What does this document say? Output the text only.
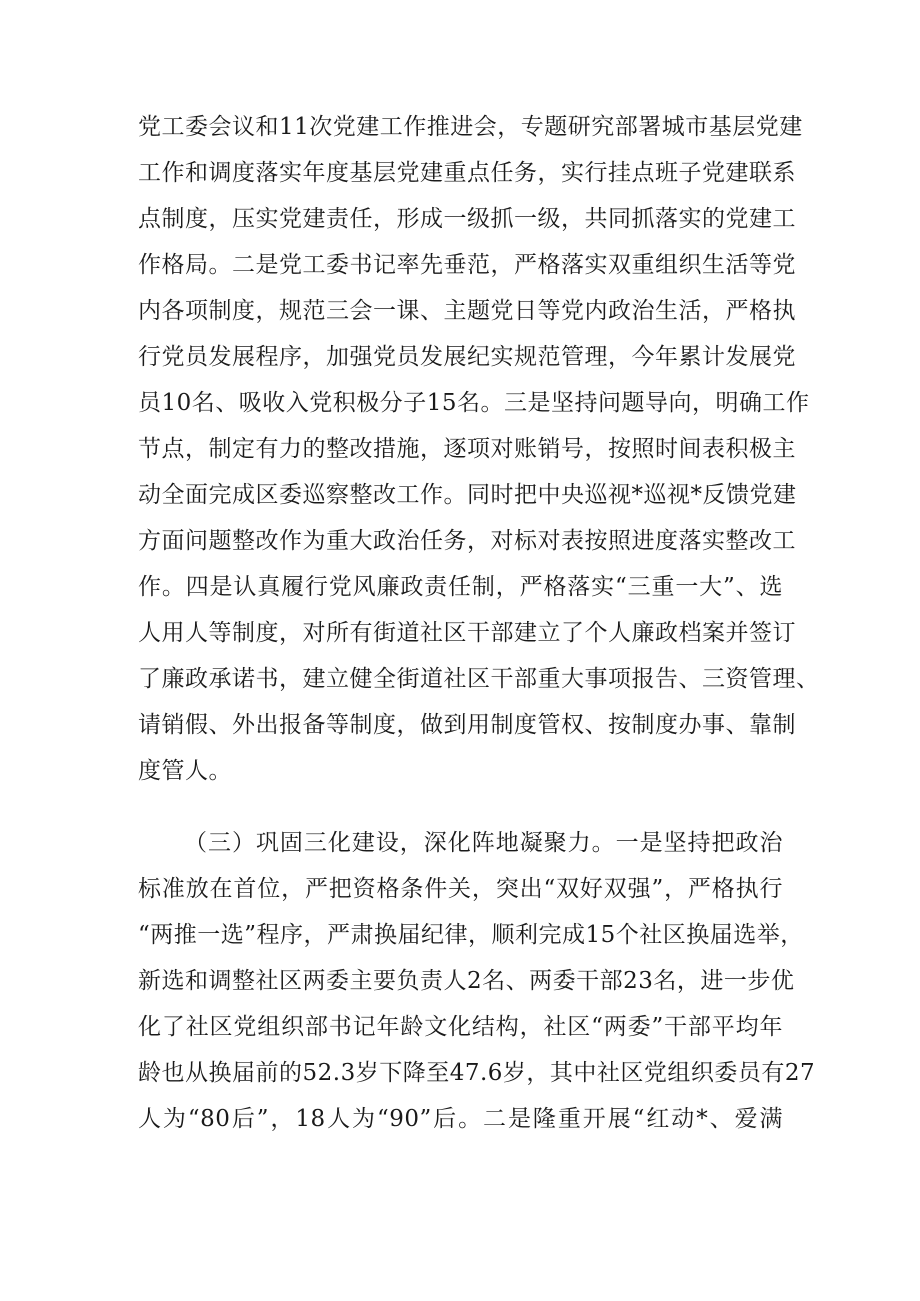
党工委会议和11次党建工作推进会，专题研究部署城市基层党建
工作和调度落实年度基层党建重点任务，实行挂点班子党建联系
点制度，压实党建责任，形成一级抓一级，共同抓落实的党建工
作格局。二是党工委书记率先垂范，严格落实双重组织生活等党
内各项制度，规范三会一课、主题党日等党内政治生活，严格执
行党员发展程序，加强党员发展纪实规范管理，今年累计发展党
员10名、吸收入党积极分子15名。三是坚持问题导向，明确工作
节点，制定有力的整改措施，逐项对账销号，按照时间表积极主
动全面完成区委巡察整改工作。同时把中央巡视*巡视*反馈党建
方面问题整改作为重大政治任务，对标对表按照进度落实整改工
作。四是认真履行党风廉政责任制，严格落实“三重一大”、选
人用人等制度，对所有街道社区干部建立了个人廉政档案并签订
了廉政承诺书，建立健全街道社区干部重大事项报告、三资管理、
请销假、外出报备等制度，做到用制度管权、按制度办事、靠制
度管人。
（三）巩固三化建设，深化阵地凝聚力。一是坚持把政治
标准放在首位，严把资格条件关，突出“双好双强”，严格执行
“两推一选”程序，严肃换届纪律，顺利完成15个社区换届选举，
新选和调整社区两委主要负责人2名、两委干部23名，进一步优
化了社区党组织部书记年龄文化结构，社区“两委”干部平均年
龄也从换届前的52.3岁下降至47.6岁，其中社区党组织委员有27
人为“80后”，18人为“90”后。二是隆重开展“红动*、爱满
